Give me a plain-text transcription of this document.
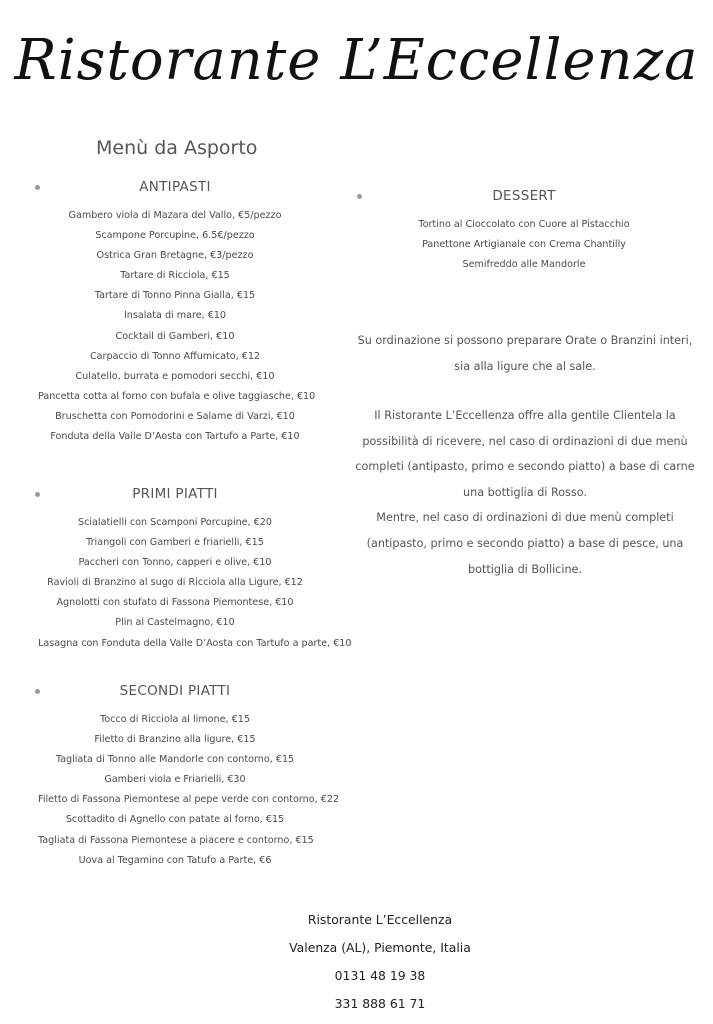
Ristorante L’Eccellenza
Menù da Asporto
ANTIPASTI
Gambero viola di Mazara del Vallo, €5/pezzo
Scampone Porcupine, 6.5€/pezzo
Ostrica Gran Bretagne, €3/pezzo
Tartare di Ricciola, €15
Tartare di Tonno Pinna Gialla, €15
Insalata di mare, €10
Cocktail di Gamberi, €10
Carpaccio di Tonno Affumicato, €12
Culatello, burrata e pomodori secchi, €10
Pancetta cotta al forno con bufala e olive taggiasche, €10
Bruschetta con Pomodorini e Salame di Varzi, €10
Fonduta della Valle D’Aosta con Tartufo a Parte, €10
PRIMI PIATTI
Scialatielli con Scamponi Porcupine, €20
Triangoli con Gamberi e friarielli, €15
Paccheri con Tonno, capperi e olive, €10
Ravioli di Branzino al sugo di Ricciola alla Ligure, €12
Agnolotti con stufato di Fassona Piemontese, €10
Plin al Castelmagno, €10
Lasagna con Fonduta della Valle D’Aosta con Tartufo a parte, €10
SECONDI PIATTI
Tocco di Ricciola al limone, €15
Filetto di Branzino alla ligure, €15
Tagliata di Tonno alle Mandorle con contorno, €15
Gamberi viola e Friarielli, €30
Filetto di Fassona Piemontese al pepe verde con contorno, €22
Scottadito di Agnello con patate al forno, €15
Tagliata di Fassona Piemontese a piacere e contorno, €15
Uova al Tegamino con Tatufo a Parte, €6
DESSERT
Tortino al Cioccolato con Cuore al Pistacchio
Panettone Artigianale con Crema Chantilly
Semifreddo alle Mandorle
Su ordinazione si possono preparare Orate o Branzini interi,
sia alla ligure che al sale.
Il Ristorante L’Eccellenza offre alla gentile Clientela la
possibilità di ricevere, nel caso di ordinazioni di due menù
completi (antipasto, primo e secondo piatto) a base di carne
una bottiglia di Rosso.
Mentre, nel caso di ordinazioni di due menù completi
(antipasto, primo e secondo piatto) a base di pesce, una
bottiglia di Bollicine.
Ristorante L’Eccellenza
Valenza (AL), Piemonte, Italia
0131 48 19 38
331 888 61 71
